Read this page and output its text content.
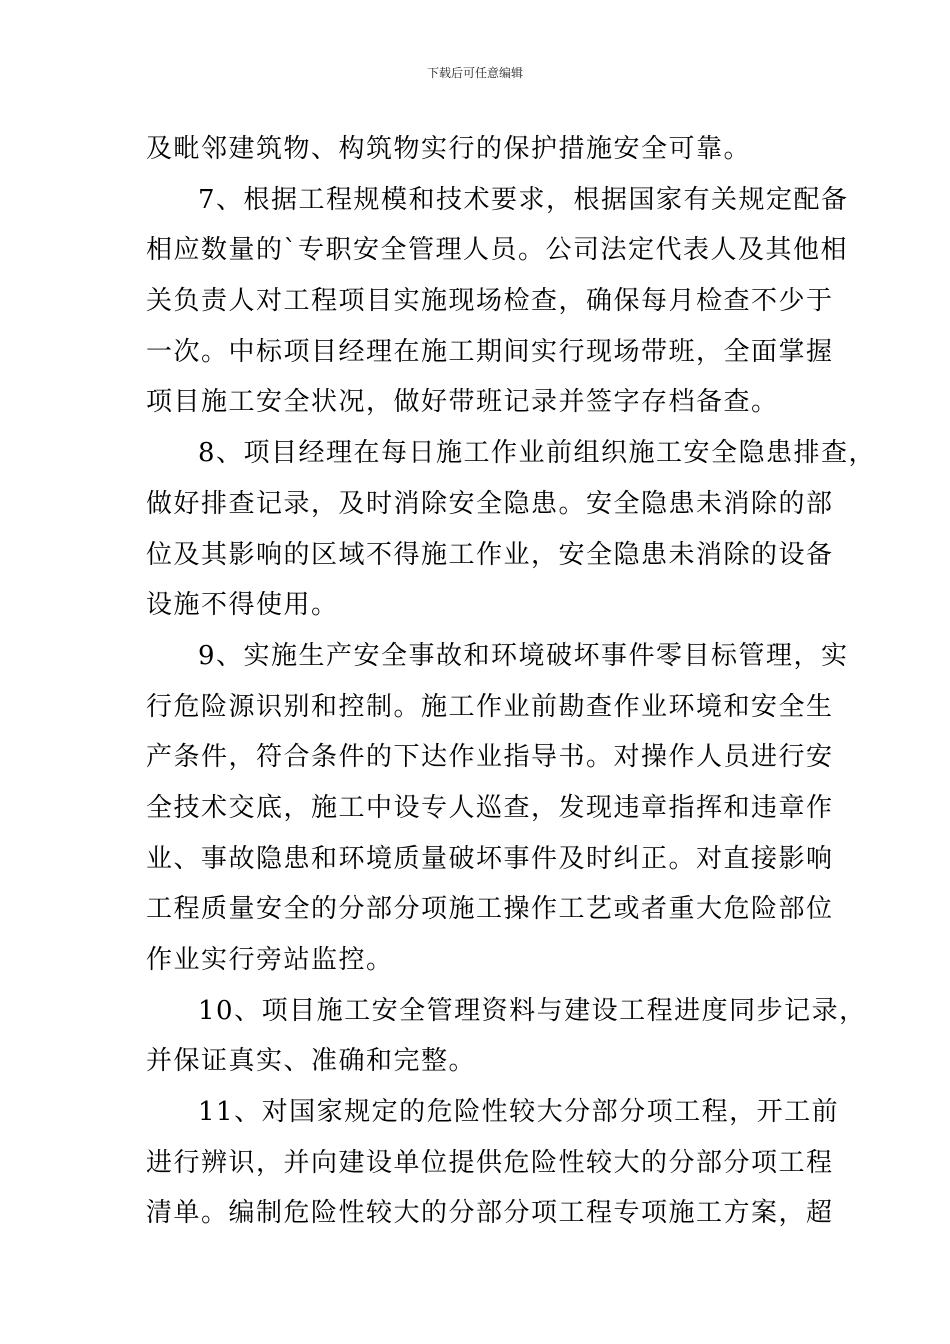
下载后可任意编辑
及毗邻建筑物、构筑物实行的保护措施安全可靠。
7、根据工程规模和技术要求，根据国家有关规定配备
相应数量的`专职安全管理人员。公司法定代表人及其他相
关负责人对工程项目实施现场检查，确保每月检查不少于
一次。中标项目经理在施工期间实行现场带班，全面掌握
项目施工安全状况，做好带班记录并签字存档备查。
8、项目经理在每日施工作业前组织施工安全隐患排查，
做好排查记录，及时消除安全隐患。安全隐患未消除的部
位及其影响的区域不得施工作业，安全隐患未消除的设备
设施不得使用。
9、实施生产安全事故和环境破坏事件零目标管理，实
行危险源识别和控制。施工作业前勘查作业环境和安全生
产条件，符合条件的下达作业指导书。对操作人员进行安
全技术交底，施工中设专人巡查，发现违章指挥和违章作
业、事故隐患和环境质量破坏事件及时纠正。对直接影响
工程质量安全的分部分项施工操作工艺或者重大危险部位
作业实行旁站监控。
10、项目施工安全管理资料与建设工程进度同步记录，
并保证真实、准确和完整。
11、对国家规定的危险性较大分部分项工程，开工前
进行辨识，并向建设单位提供危险性较大的分部分项工程
清单。编制危险性较大的分部分项工程专项施工方案，超
